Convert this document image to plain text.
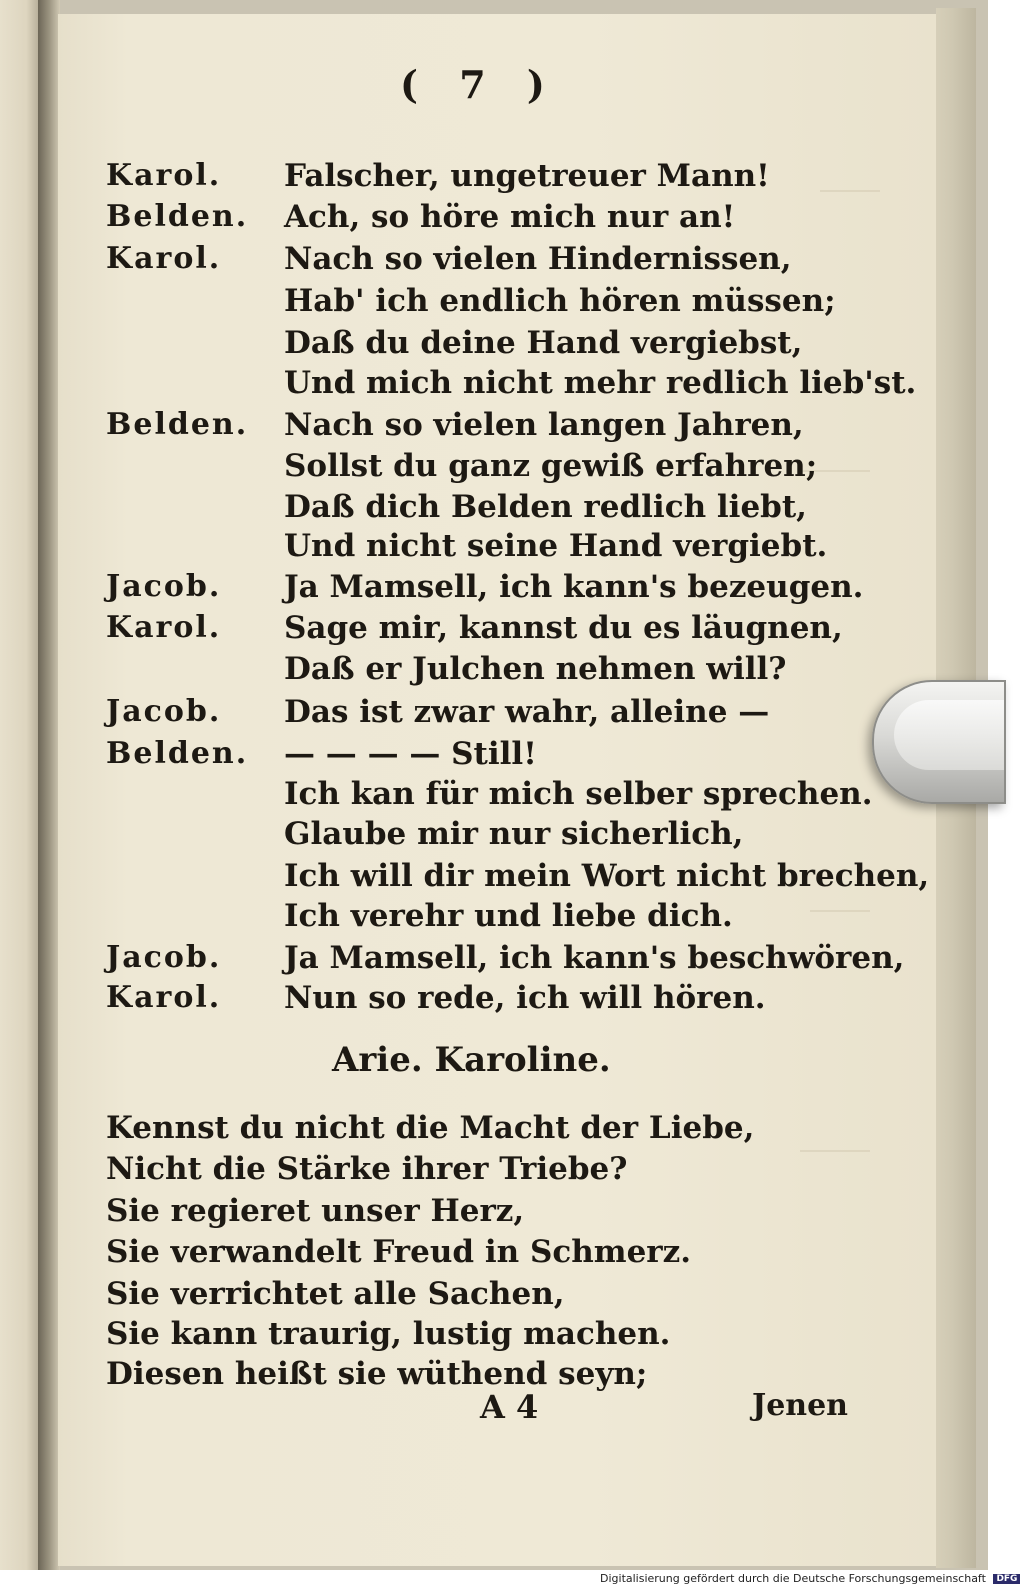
( 7 )
Karol.	Falscher, ungetreuer Mann!
Belden.	Ach, so höre mich nur an!
Karol.	Nach so vielen Hindernissen,
Hab' ich endlich hören müssen;
Daß du deine Hand vergiebst,
Und mich nicht mehr redlich lieb'st.
Belden.	Nach so vielen langen Jahren,
Sollst du ganz gewiß erfahren;
Daß dich Belden redlich liebt,
Und nicht seine Hand vergiebt.
Jacob.	Ja Mamsell, ich kann's bezeugen.
Karol.	Sage mir, kannst du es läugnen,
Daß er Julchen nehmen will?
Jacob.	Das ist zwar wahr, alleine —
Belden.	— — — — Still!
Ich kan für mich selber sprechen.
Glaube mir nur sicherlich,
Ich will dir mein Wort nicht brechen,
Ich verehr und liebe dich.
Jacob.	Ja Mamsell, ich kann's beschwören,
Karol.	Nun so rede, ich will hören.
Arie. Karoline.
Kennst du nicht die Macht der Liebe,
Nicht die Stärke ihrer Triebe?
Sie regieret unser Herz,
Sie verwandelt Freud in Schmerz.
Sie verrichtet alle Sachen,
Sie kann traurig, lustig machen.
Diesen heißt sie wüthend seyn;
A 4	Jenen
Digitalisierung gefördert durch die Deutsche Forschungsgemeinschaft DFG
